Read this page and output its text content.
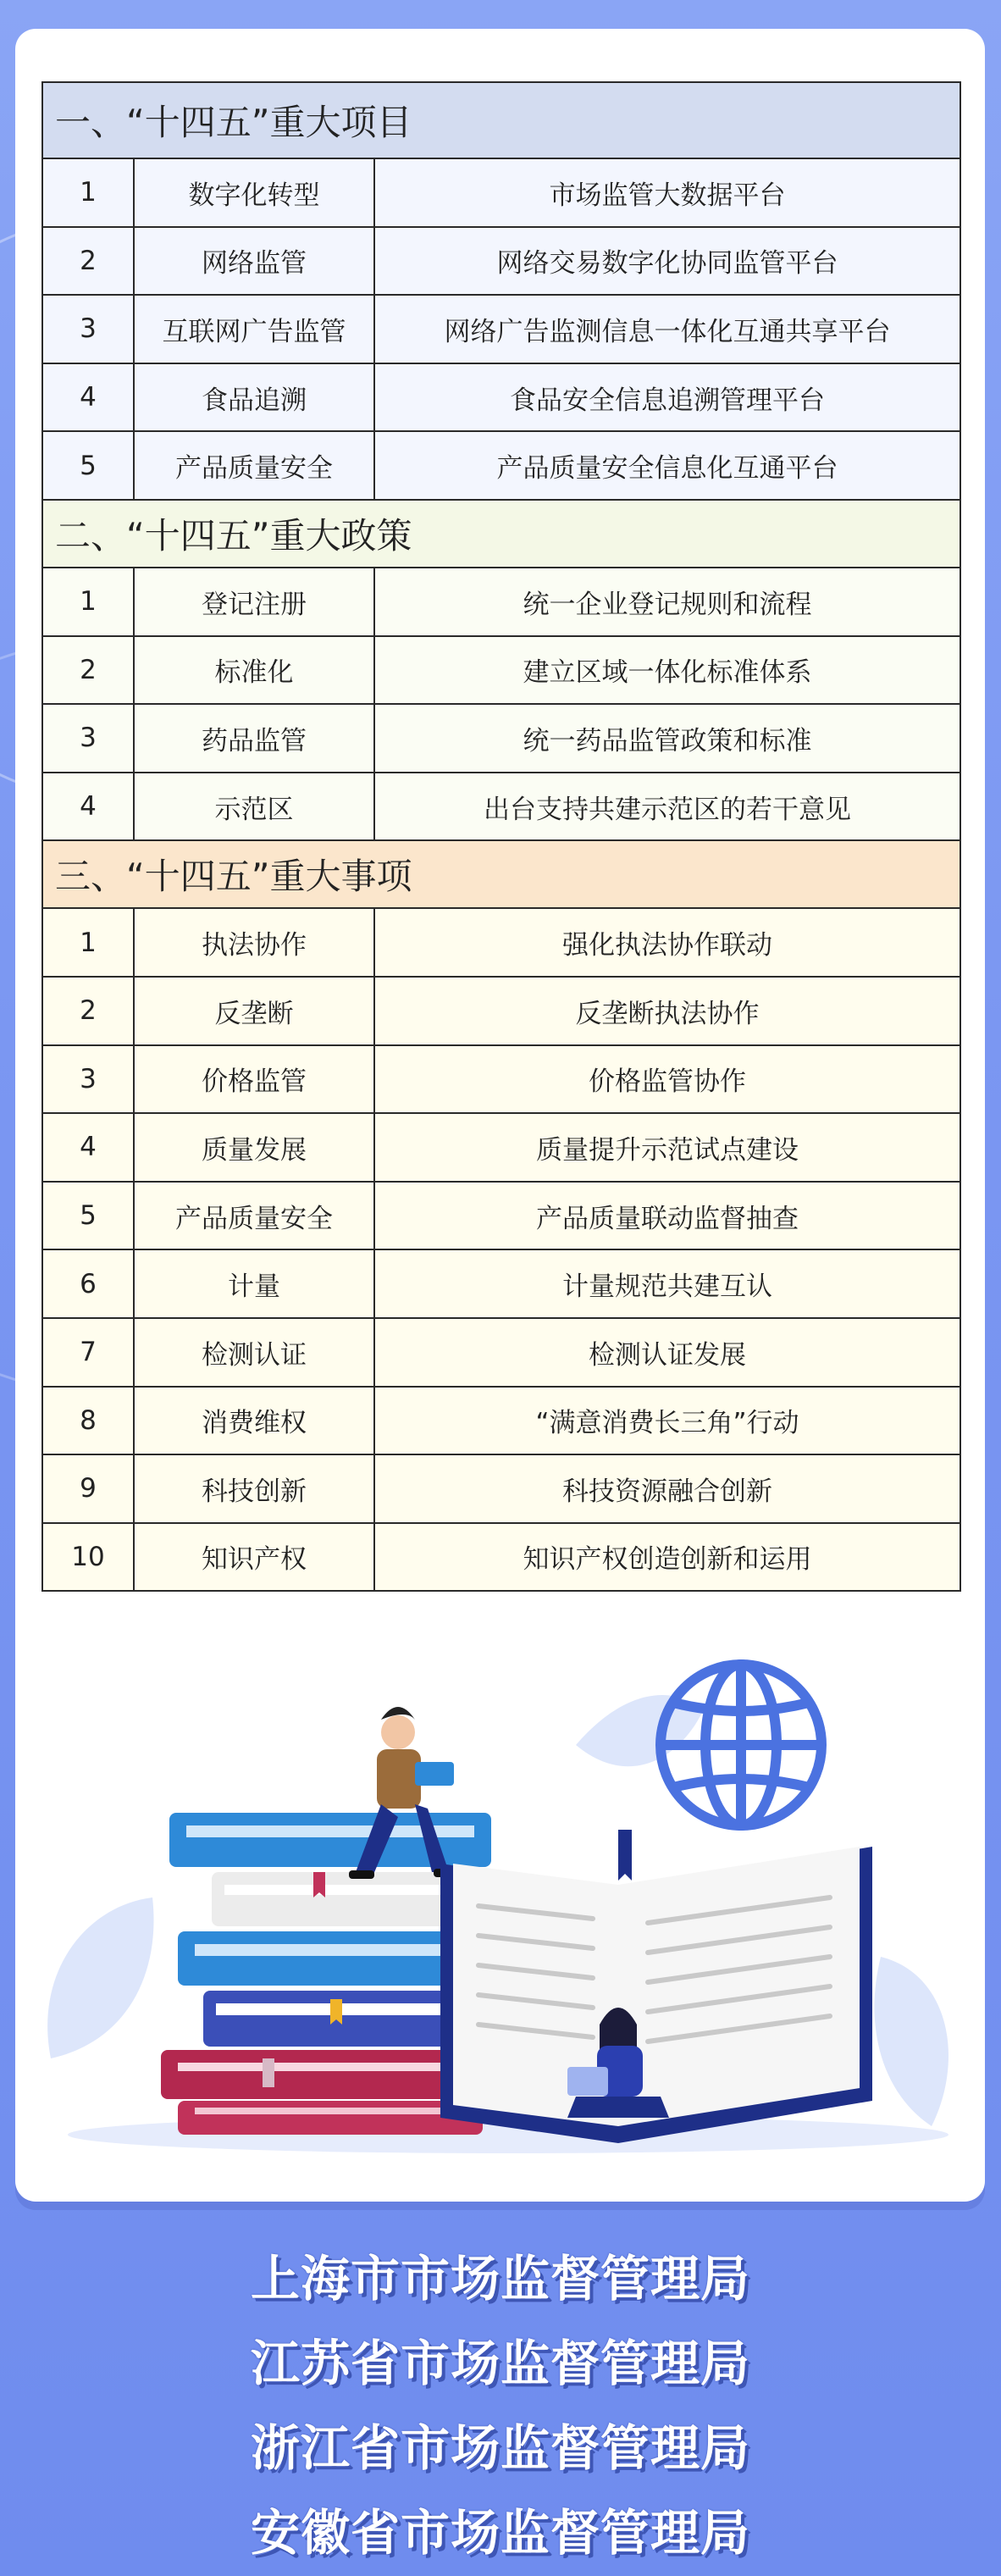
一、“十四五”重大项目		
1	数字化转型	市场监管大数据平台
2	网络监管	网络交易数字化协同监管平台
3	互联网广告监管	网络广告监测信息一体化互通共享平台
4	食品追溯	食品安全信息追溯管理平台
5	产品质量安全	产品质量安全信息化互通平台
二、“十四五”重大政策		
1	登记注册	统一企业登记规则和流程
2	标准化	建立区域一体化标准体系
3	药品监管	统一药品监管政策和标准
4	示范区	出台支持共建示范区的若干意见
三、“十四五”重大事项		
1	执法协作	强化执法协作联动
2	反垄断	反垄断执法协作
3	价格监管	价格监管协作
4	质量发展	质量提升示范试点建设
5	产品质量安全	产品质量联动监督抽查
6	计量	计量规范共建互认
7	检测认证	检测认证发展
8	消费维权	“满意消费长三角”行动
9	科技创新	科技资源融合创新
10	知识产权	知识产权创造创新和运用
上海市市场监督管理局
江苏省市场监督管理局
浙江省市场监督管理局
安徽省市场监督管理局
